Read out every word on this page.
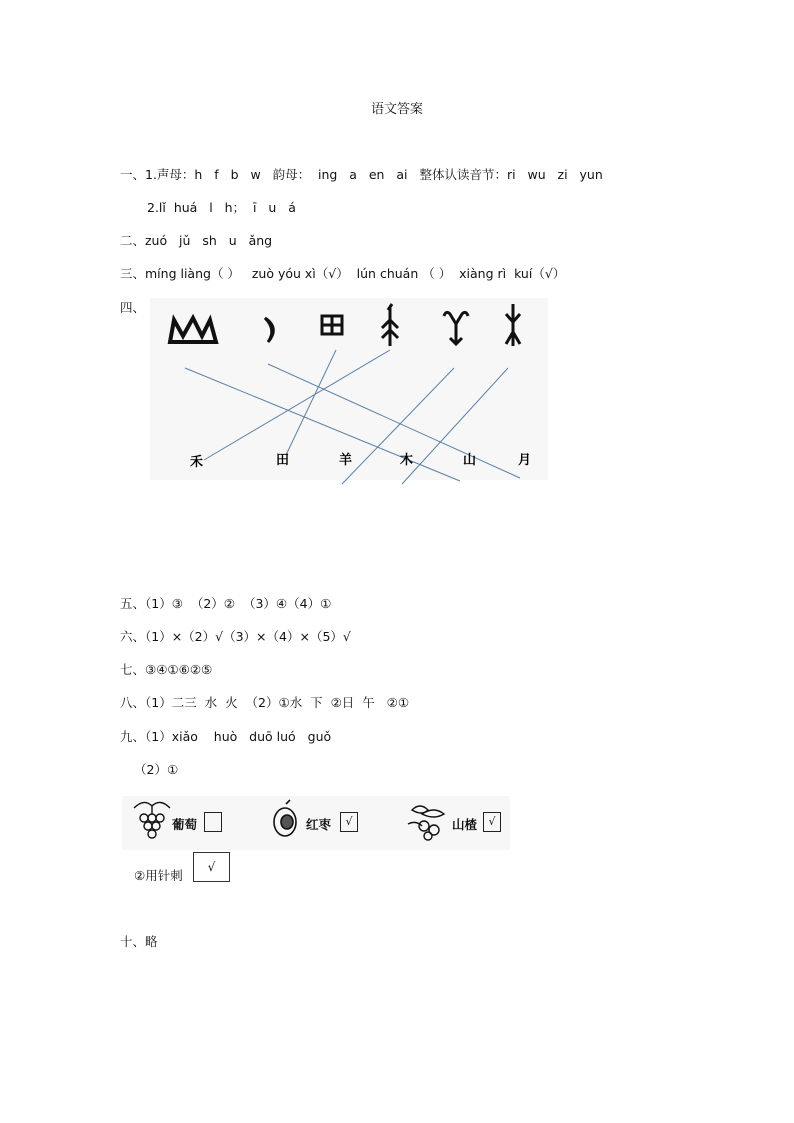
语文答案
一、1.声母：h   f   b   w   韵母：  ing   a   en   ai   整体认读音节：ri   wu   zi   yun
2.lǐ  huá   l   h；  ī   u   á
二、zuó   jǔ   sh   u   ǎng
三、míng liàng（ ）   zuò yóu xì（√）  lún chuán （ ）  xiàng rì  kuí（√）
四、
禾	田	羊	木	山	月
五、（1）③  （2）②  （3）④（4）①
六、（1）×（2）√（3）×（4）×（5）√
七、③④①⑥②⑤
八、（1）二三  水  火  （2）①水  下  ②日  午   ②①
九、（1）xiǎo    huò   duō luó   guǒ
（2）①
葡萄	红枣	√	山楂	√
②用针刺
√
十、略
